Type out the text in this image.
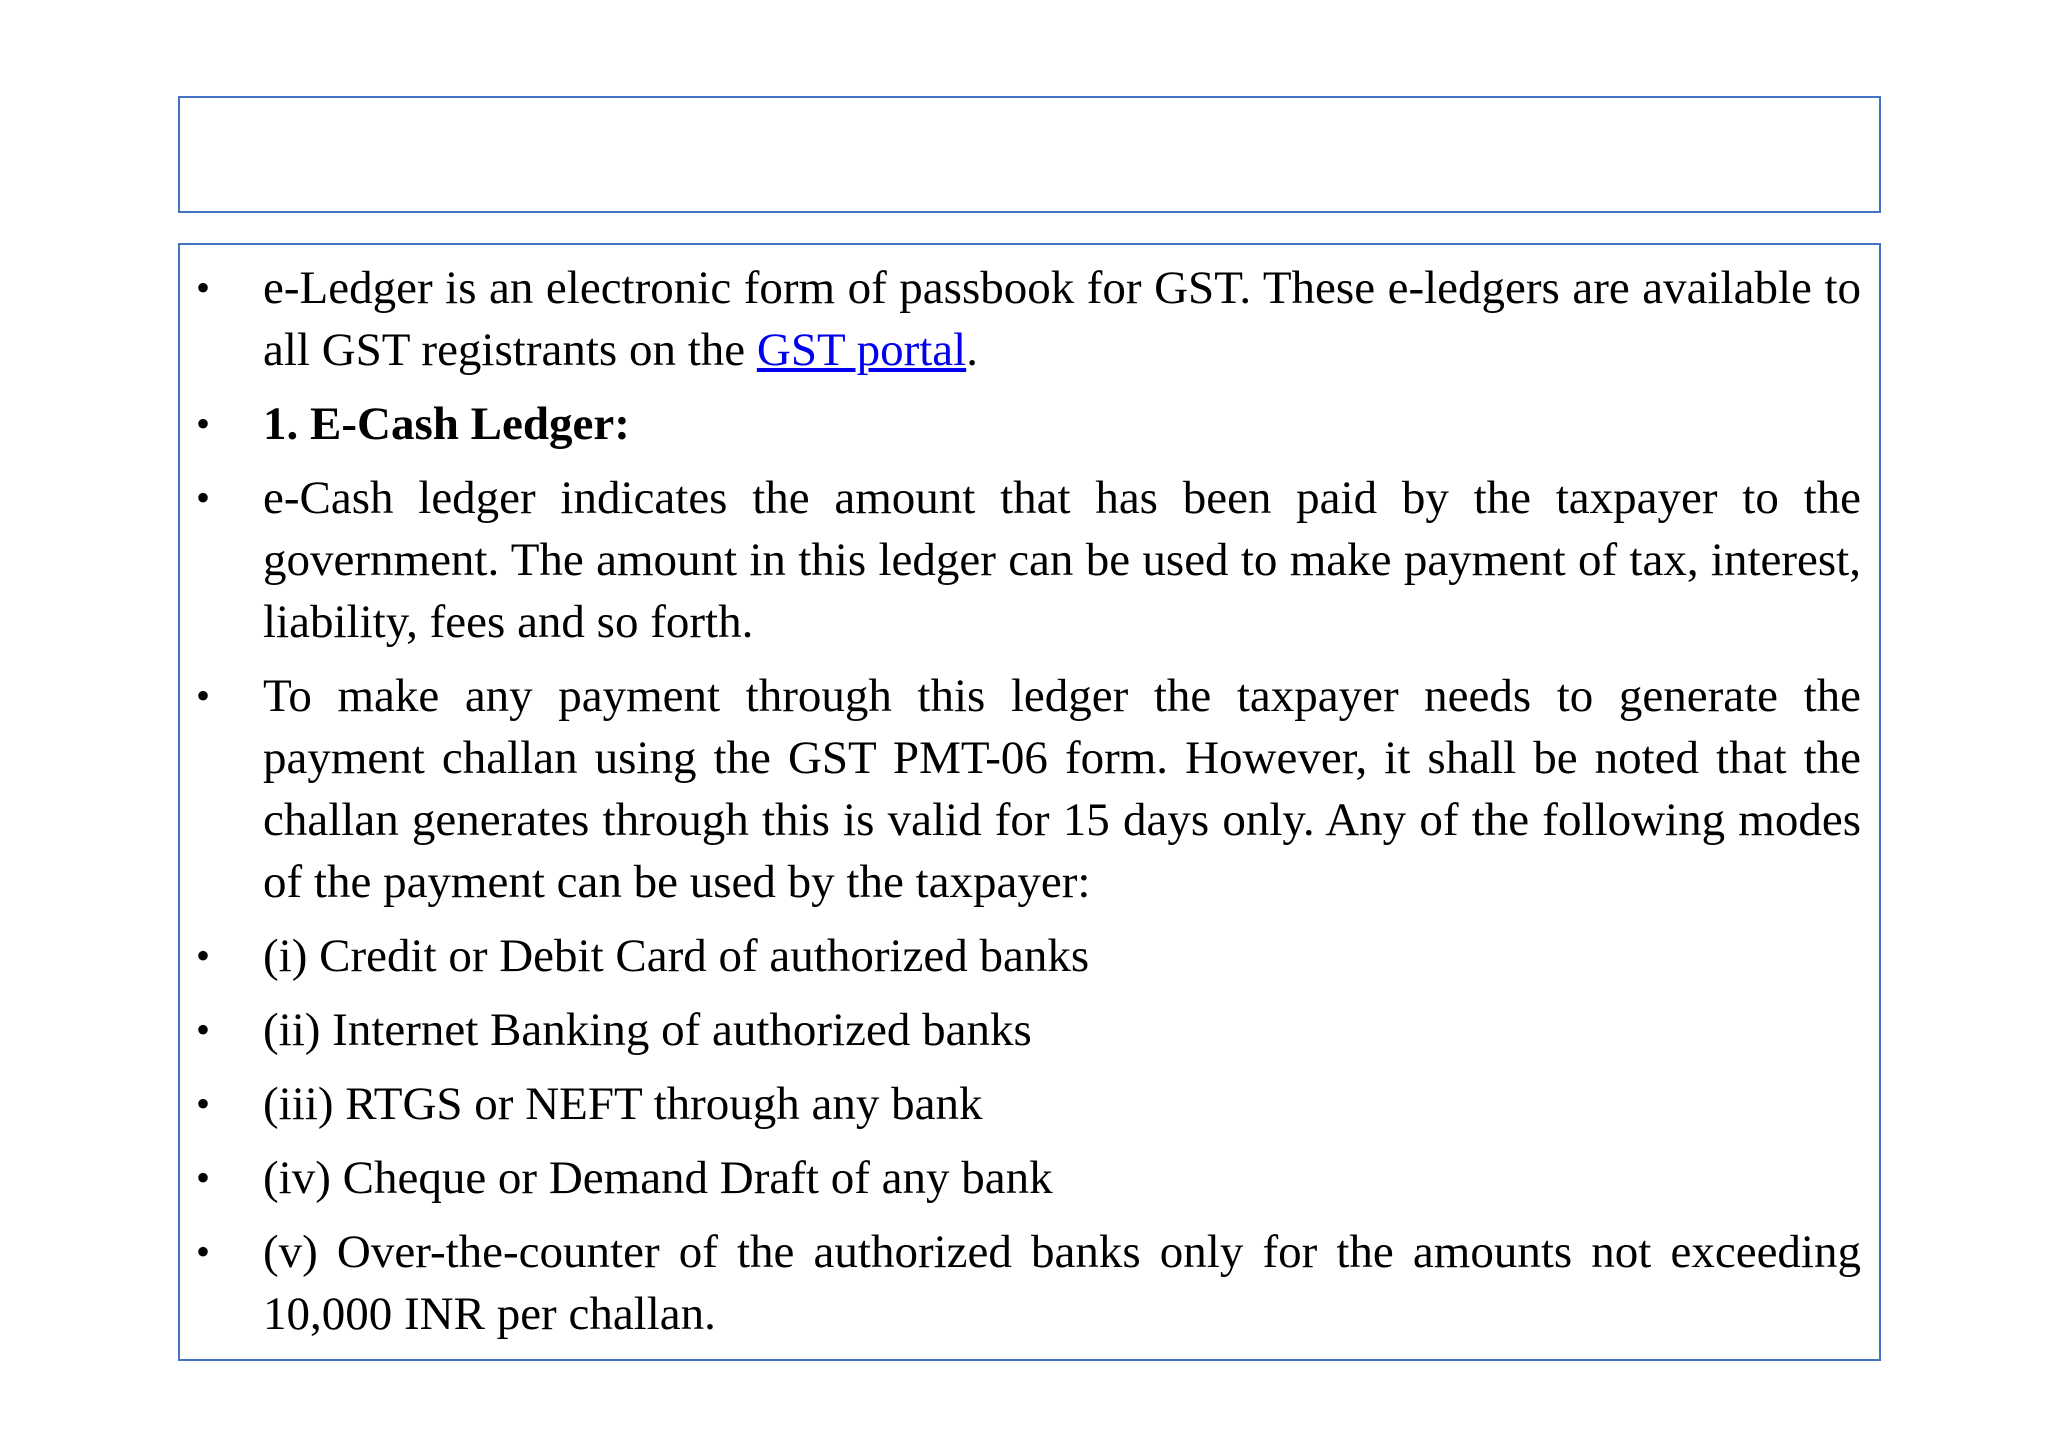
• e-Ledger is an electronic form of passbook for GST. These e-ledgers are available to all GST registrants on the GST portal.
• 1. E-Cash Ledger:
• e-Cash ledger indicates the amount that has been paid by the taxpayer to the government. The amount in this ledger can be used to make payment of tax, interest, liability, fees and so forth.
• To make any payment through this ledger the taxpayer needs to generate the payment challan using the GST PMT-06 form. However, it shall be noted that the challan generates through this is valid for 15 days only. Any of the following modes of the payment can be used by the taxpayer:
• (i) Credit or Debit Card of authorized banks
• (ii) Internet Banking of authorized banks
• (iii) RTGS or NEFT through any bank
• (iv) Cheque or Demand Draft of any bank
• (v) Over-the-counter of the authorized banks only for the amounts not exceeding 10,000 INR per challan.
